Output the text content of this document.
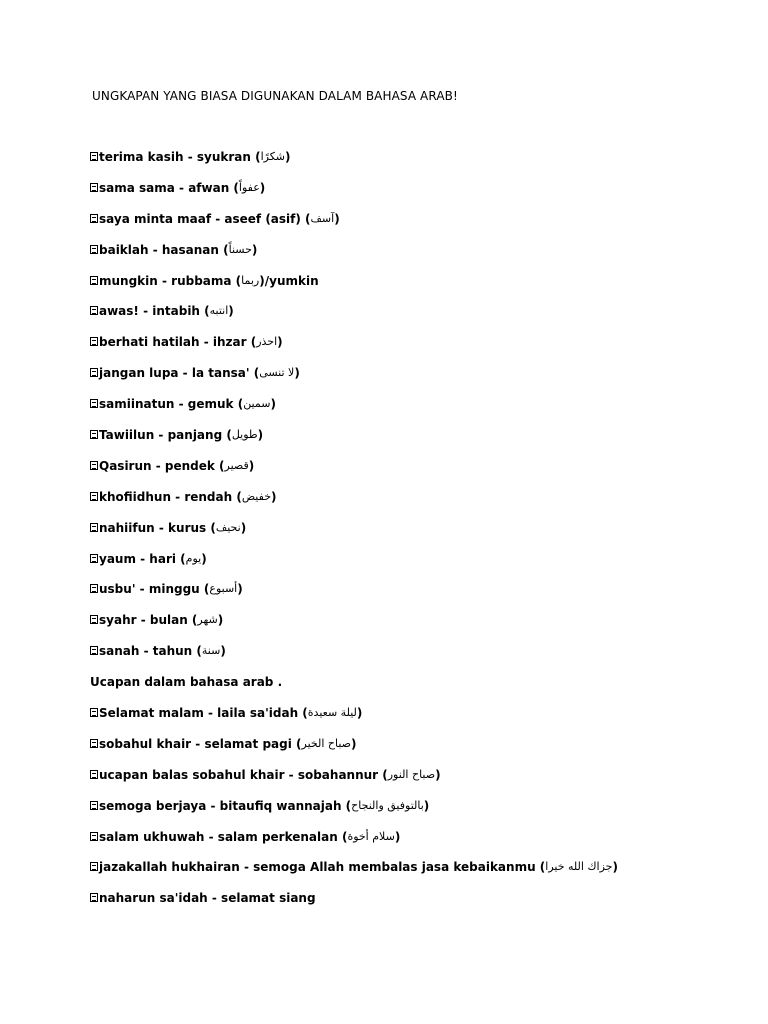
UNGKAPAN YANG BIASA DIGUNAKAN DALAM BAHASA ARAB!
terima kasih - syukran ( شكرًا )
sama sama - afwan ( عفواً )
saya minta maaf - aseef (asif) ( آسف )
baiklah - hasanan ( حسناً )
mungkin - rubbama ( ربما )/yumkin
awas! - intabih ( انتبه )
berhati hatilah - ihzar ( احذر )
jangan lupa - la tansa' ( لا تنسى )
samiinatun - gemuk ( سمين )
Tawiilun - panjang ( طويل )
Qasirun - pendek ( قصير )
khofiidhun - rendah ( خفيض )
nahiifun - kurus ( نحيف )
yaum - hari ( يوم )
usbu' - minggu ( أسبوع )
syahr - bulan ( شهر )
sanah - tahun ( سنة )
Ucapan dalam bahasa arab .
Selamat malam - laila sa'idah ( ليلة سعيدة )
sobahul khair - selamat pagi ( صباح الخير )
ucapan balas sobahul khair - sobahannur ( صباح النور )
semoga berjaya - bitaufiq wannajah ( بالتوفيق والنجاح )
salam ukhuwah - salam perkenalan ( سلام أخوة )
jazakallah hukhairan - semoga Allah membalas jasa kebaikanmu ( جزاك الله خيرا )
naharun sa'idah - selamat siang
